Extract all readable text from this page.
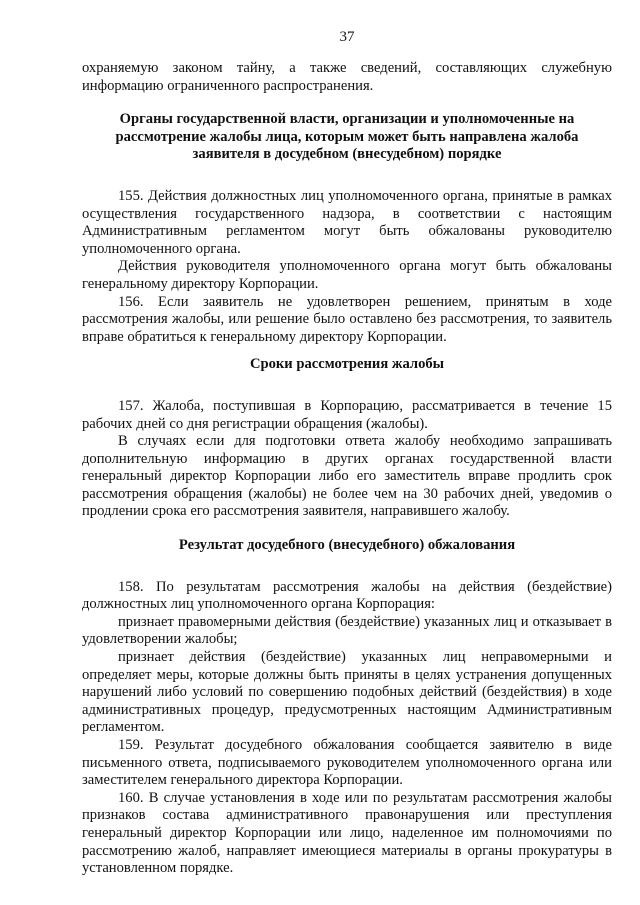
37

охраняемую законом тайну, а также сведений, составляющих служебную информацию ограниченного распространения.

Органы государственной власти, организации и уполномоченные на рассмотрение жалобы лица, которым может быть направлена жалоба заявителя в досудебном (внесудебном) порядке

155. Действия должностных лиц уполномоченного органа, принятые в рамках осуществления государственного надзора, в соответствии с настоящим Административным регламентом могут быть обжалованы руководителю уполномоченного органа.

Действия руководителя уполномоченного органа могут быть обжалованы генеральному директору Корпорации.

156. Если заявитель не удовлетворен решением, принятым в ходе рассмотрения жалобы, или решение было оставлено без рассмотрения, то заявитель вправе обратиться к генеральному директору Корпорации.

Сроки рассмотрения жалобы

157. Жалоба, поступившая в Корпорацию, рассматривается в течение 15 рабочих дней со дня регистрации обращения (жалобы).

В случаях если для подготовки ответа жалобу необходимо запрашивать дополнительную информацию в других органах государственной власти генеральный директор Корпорации либо его заместитель вправе продлить срок рассмотрения обращения (жалобы) не более чем на 30 рабочих дней, уведомив о продлении срока его рассмотрения заявителя, направившего жалобу.

Результат досудебного (внесудебного) обжалования

158. По результатам рассмотрения жалобы на действия (бездействие) должностных лиц уполномоченного органа Корпорация:

признает правомерными действия (бездействие) указанных лиц и отказывает в удовлетворении жалобы;

признает действия (бездействие) указанных лиц неправомерными и определяет меры, которые должны быть приняты в целях устранения допущенных нарушений либо условий по совершению подобных действий (бездействия) в ходе административных процедур, предусмотренных настоящим Административным регламентом.

159. Результат досудебного обжалования сообщается заявителю в виде письменного ответа, подписываемого руководителем уполномоченного органа или заместителем генерального директора Корпорации.

160. В случае установления в ходе или по результатам рассмотрения жалобы признаков состава административного правонарушения или преступления генеральный директор Корпорации или лицо, наделенное им полномочиями по рассмотрению жалоб, направляет имеющиеся материалы в органы прокуратуры в установленном порядке.
